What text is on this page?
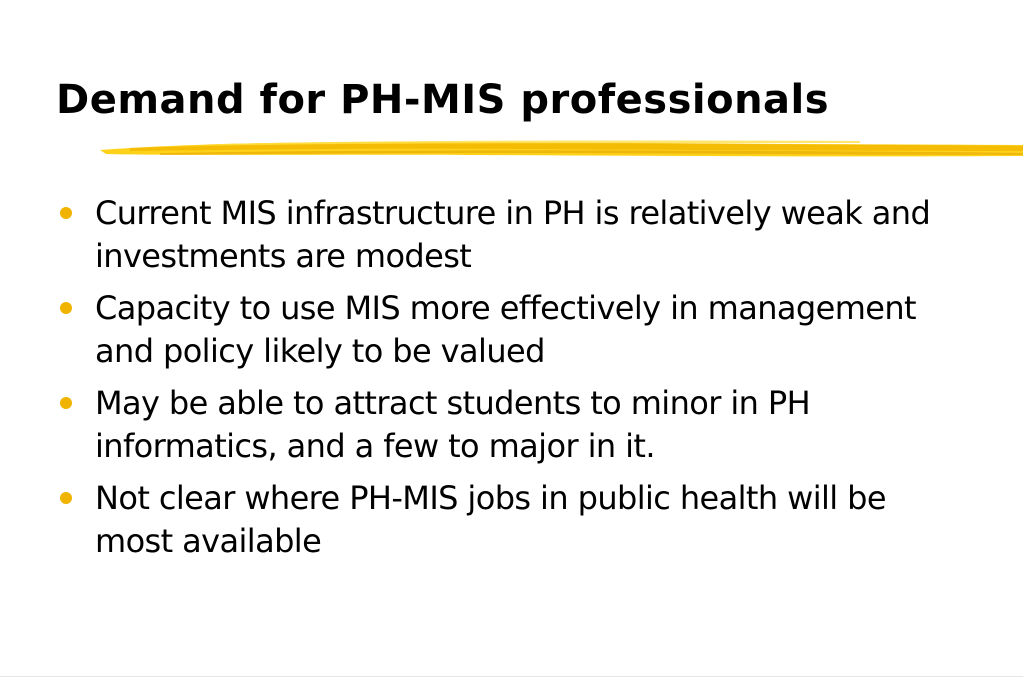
Demand for PH-MIS professionals
Current MIS infrastructure in PH is relatively weak and investments are modest
Capacity to use MIS more effectively in management and policy likely to be valued
May be able to attract students to minor in PH informatics, and a few to major in it.
Not clear where PH-MIS jobs in public health will be most available
